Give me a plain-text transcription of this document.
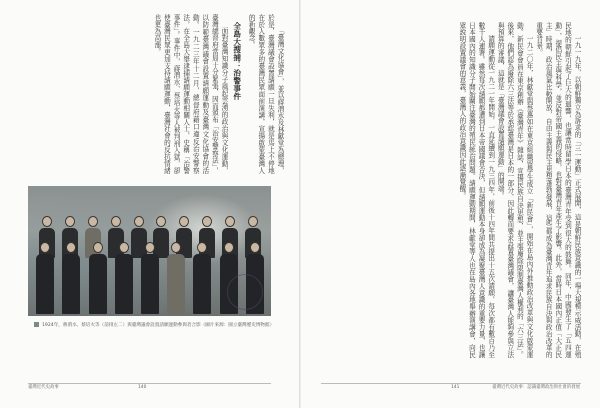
「臺灣文化協會」，並以蔣渭水及林獻堂為總理，於是，臺灣議會設置請願一旦失利，就是馬上不停地在於人數眾多的臺灣民眾面前演講，宣揚啟蒙臺灣人的新觀念。

全島大搜捕：治警事件

面對臺灣知識分子風起雲湧的政治與文化運動，臺灣總督府當局十分緊張，因而頒布「治安警察法」，以防範臺灣議會設置請願運動及臺灣文化協會的活動。一九二三年十二月，總督府藉口違反治安警察法，在全島大舉逮捕請願運動相關人士，史稱「治警事件」。事件中，蔣渭水、蔡培火等人被判刑入獄，卻使臺灣民眾更加支持請願運動，臺灣社會的反抗情緒也更為高漲。

1924年，蔣渭水、蔡培火等（前排左二）與臺灣議會設置請願運動參與者合影（圖片來源：國立臺灣歷史博物館）
臺灣近代史故事	140

一九一九年，以朝鮮獨立為訴求的「三一運動」正式展開，這是朝鮮民族意識的一場大規模示威活動，在殖民地的朝鮮引起了巨大的迴響，也讓當時留學日本的臺灣青年受到很大的鼓舞。同年，中國發生了「五四運動」，提倡民主與科學，並反對帝國主義的侵略，也對臺灣青年產生了影響。此外，當時日本國內正值「大正民主」時期，政治風氣比較開放，自由主義與民主思想蓬勃發展，這些都成為臺灣青年追求民族自決與政治改革的重要背景。

一九二〇年，林獻堂與蔡惠如在東京組織留學生成立「新民會」，開始在島內外推動政治改革與文化啟蒙運動。新民會會員在東京創辦《臺灣青年》雜誌，宣揚民族自決思想，並主張廢除限制臺灣人權利的「六三法」。後來，他們認為廢除六三法等於承認臺灣是日本的一部分，因此轉而要求設置臺灣議會，讓臺灣人能夠參與立法與預算的審議，這就是「臺灣議會設置請願運動」的開端。

請願運動從一九二一年開始，一直延續到一九三四年，前後十四年間共提出十五次請願，每次都有數百乃至數千人連署。雖然每次請願都遭到日本帝國議會否決，但請願運動本身卻成為凝聚臺灣人意識的重要力量，也讓日本國內的知識分子開始關注臺灣的殖民統治問題。請願運動期間，林獻堂等人也在島內各地舉辦演講會，向民眾說明設置議會的意義，臺灣人的政治意識因此逐漸覺醒。

141	臺灣近代史故事：認識臺灣政治與社會的發展
